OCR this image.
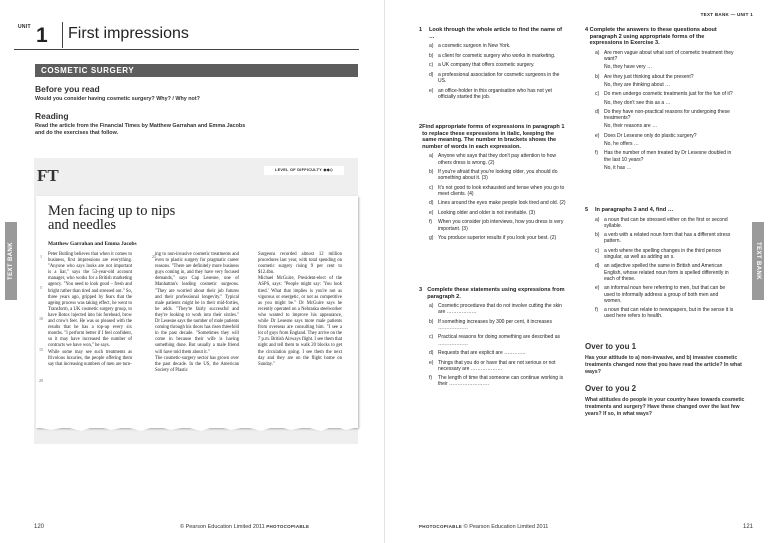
UNIT 1 First impressions
COSMETIC SURGERY
Before you read
Would you consider having cosmetic surgery? Why? / Why not?
Reading
Read the article from the Financial Times by Matthew Garrahan and Emma Jacobs
and do the exercises that follow.
TEXT BANK
FT	LEVEL OF DIFFICULTY ◆◆◇
Men facing up to nips
and needles
Matthew Garrahan and Emma Jacobs
1
5
10
15
20
25
Peter Butling believes that when it comes to business, first impressions are everything. "Anyone who says looks are not important is a liar," says the 53-year-old account manager, who works for a British marketing agency. "You need to look good – fresh and bright rather than tired and stressed out." So, three years ago, gripped by fears that the ageing process was taking effect, he went to Transform, a UK cosmetic surgery group, to have Botox injected into his forehead, brow and crow's feet. He was so pleased with the results that he has a top-up every six months. "I perform better if I feel confident, so it may have increased the number of contracts we have won," he says.
While some may see such treatments as frivolous luxuries, the people offering them say that increasing numbers of men are turn-
ing to non-invasive cosmetic treatments and even to plastic surgery for pragmatic career reasons. "There are definitely more business guys coming in, and they have very focused demands," says Cap Lesesne, one of Manhattan's leading cosmetic surgeons. "They are worried about their job futures and their professional longevity." Typical male patients might be in their mid-forties, he adds. "They're fairly successful and they're looking to work into their sixties." Dr Lesesne says the number of male patients coming through his doors has risen threefold in the past decade. "Sometimes they will come in because their wife is having something done. But usually a male friend will have told them about it."
The cosmetic-surgery sector has grown over the past decade. In the US, the American Society of Plastic
Surgeons recorded almost 12 million procedures last year, with total spending on cosmetic surgery rising 9 per cent to $12.4bn.
Michael McGuire, President-elect of the ASPS, says: "People might say: 'You look tired.' What that implies is you're not as vigorous or energetic, or not as competitive as you might be." Dr McGuire says he recently operated on a Nebraska steelworker who wanted to improve his appearance, while Dr Lesesne says more male patients from overseas are consulting him. "I see a lot of guys from England. They arrive on the 7 p.m. British Airways flight. I see them that night and tell them to walk 20 blocks to get the circulation going. I see them the next day and they are on the flight home on Sunday."
120	© Pearson Education Limited 2011 PHOTOCOPIABLE
TEXT BANK — UNIT 1
TEXT BANK
1	Look through the whole article to find the name of …
a) a cosmetic surgeon in New York.
b) a client for cosmetic surgery who works in marketing.
c) a UK company that offers cosmetic surgery.
d) a professional association for cosmetic surgeons in the US.
e) an office-holder in this organisation who has not yet officially started the job.
2 Find appropriate forms of expressions in paragraph 1 to replace these expressions in italic, keeping the same meaning. The number in brackets shows the number of words in each expression.
a) Anyone who says that they don't pay attention to how others dress is wrong. (2)
b) If you're afraid that you're looking older, you should do something about it. (3)
c) It's not good to look exhausted and tense when you go to meet clients. (4)
d) Lines around the eyes make people look tired and old. (2)
e) Looking older and older is not inevitable. (3)
f)	When you consider job interviews, how you dress is very important. (3)
g) You produce superior results if you look your best. (2)
3 Complete these statements using expressions from paragraph 2.
a) Cosmetic procedures that do not involve cutting the skin are ………………
b) If something increases by 300 per cent, it increases ………………
c) Practical reasons for doing something are described as ………………
d) Requests that are explicit are ………….
e) Things that you do or have that are not serious or not necessary are ……………….
f)	The length of time that someone can continue working is their ……………………
4 Complete the answers to these questions about paragraph 2 using appropriate forms of the expressions in Exercise 3.
a) Are men vague about what sort of cosmetic treatment they want?
No, they have very …
b) Are they just thinking about the present?
No, they are thinking about …
c) Do men undergo cosmetic treatments just for the fun of it?
No, they don't see this as a …
d) Do they have non-practical reasons for undergoing these treatments?
No, their reasons are …
e) Does Dr Lesesne only do plastic surgery?
No, he offers …
f)	Has the number of men treated by Dr Lesesne doubled in the last 10 years?
No, it has …
5	In paragraphs 3 and 4, find …
a) a noun that can be stressed either on the first or second syllable.
b) a verb with a related noun form that has a different stress pattern.
c) a verb where the spelling changes in the third person singular, as well as adding an s.
d) an adjective spelled the same in British and American English, whose related noun form is spelled differently in each of these.
e) an informal noun here referring to men, but that can be used to informally address a group of both men and women.
f)	a noun that can relate to newspapers, but in the sense it is used here refers to health.
Over to you 1
Has your attitude to a) non-invasive, and b) invasive cosmetic treatments changed now that you have read the article? In what ways?
Over to you 2
What attitudes do people in your country have towards cosmetic treatments and surgery? Have these changed over the last few years? If so, in what ways?
PHOTOCOPIABLE © Pearson Education Limited 2011	121
